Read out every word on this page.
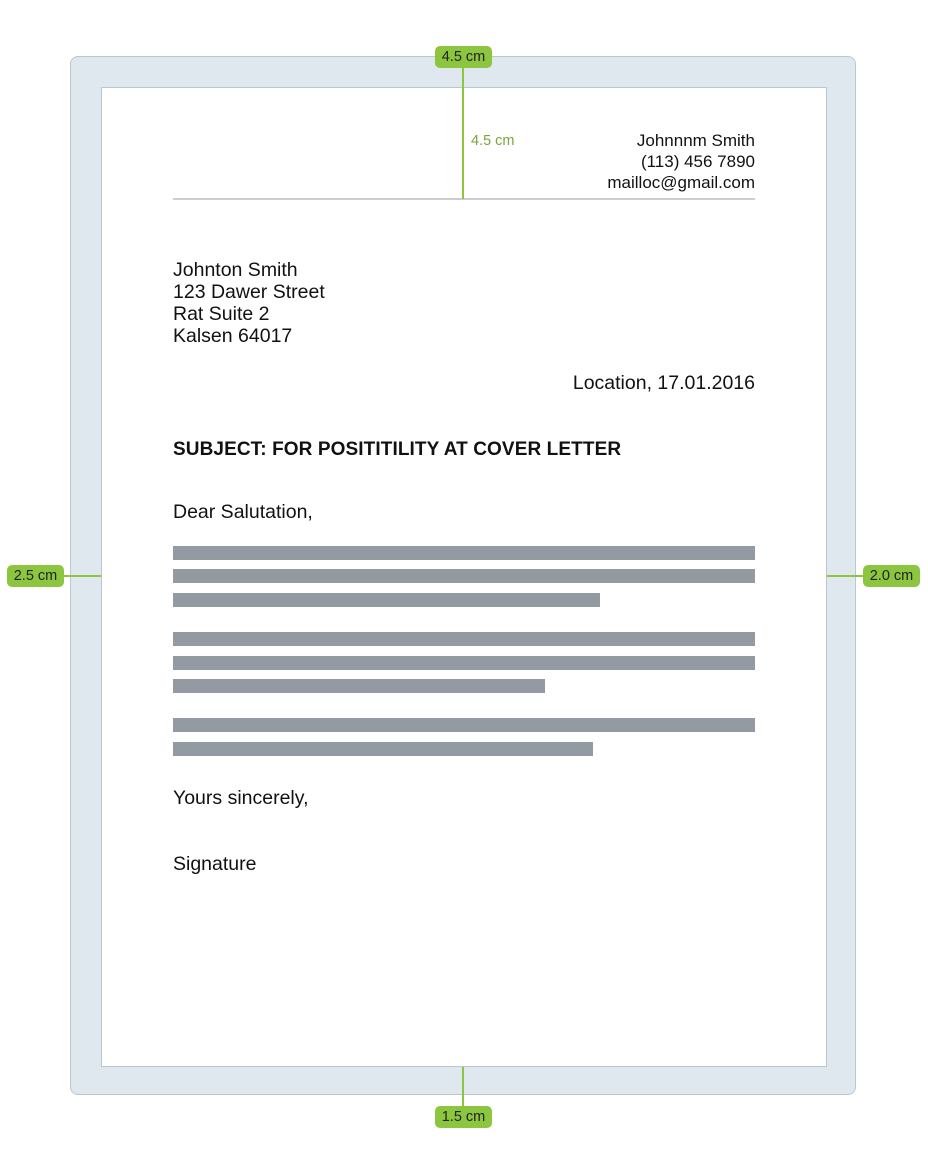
Johnnnm Smith
(113) 456 7890
mailloc@gmail.com
Johnton Smith
123 Dawer Street
Rat Suite 2
Kalsen 64017
Location, 17.01.2016
SUBJECT: FOR POSITITILITY AT COVER LETTER
Dear Salutation,
Yours sincerely,
Signature
4.5 cm
4.5 cm
2.5 cm	2.0 cm
1.5 cm
